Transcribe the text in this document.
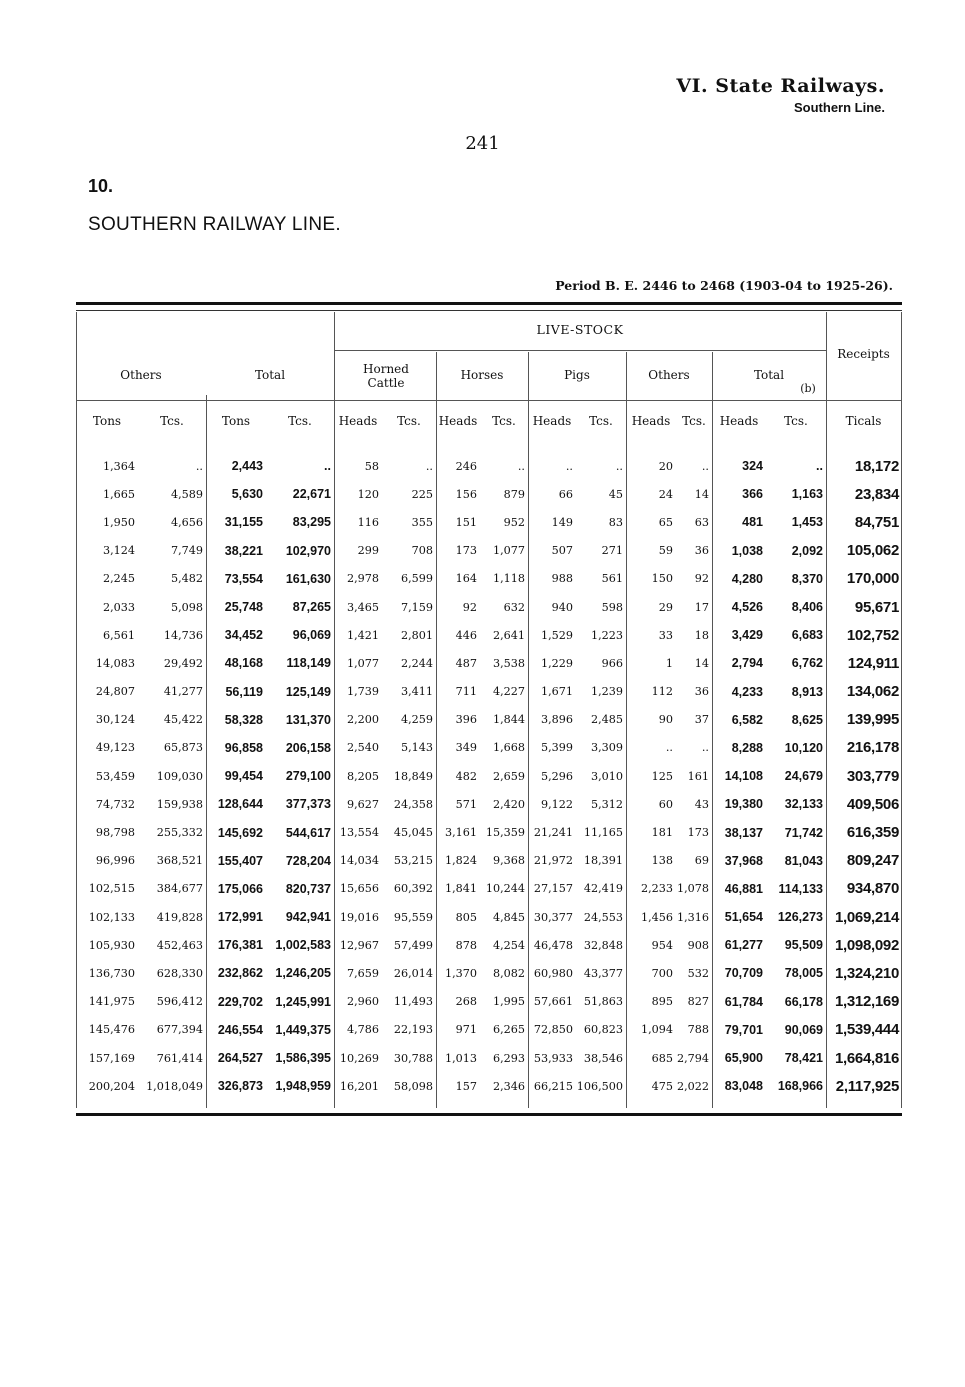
VI. State Railways.
Southern Line.
241
10.
SOUTHERN RAILWAY LINE.
Period B. E. 2446 to 2468 (1903-04 to 1925-26).
LIVE-STOCK
Others	Total	Horned Cattle
Horses	Pigs	Others	Total
(b)
Receipts
Tons	Tcs.	Tons	Tcs.	Heads	Tcs.	Heads	Tcs.	Heads	Tcs.	Heads Tcs.	Heads	Tcs.	Ticals
1,364	..	2,443	..	58	..	246	..	..	..	20	..	324	..	18,172
1,665	4,589	5,630	22,671	120	225	156	879	66	45	24	14	366	1,163	23,834
1,950	4,656	31,155	83,295	116	355	151	952	149	83	65	63	481	1,453	84,751
3,124	7,749	38,221	102,970	299	708	173	1,077	507	271	59	36	1,038	2,092	105,062
2,245	5,482	73,554	161,630	2,978	6,599	164	1,118	988	561	150	92	4,280	8,370	170,000
2,033	5,098	25,748	87,265	3,465	7,159	92	632	940	598	29	17	4,526	8,406	95,671
6,561	14,736	34,452	96,069	1,421	2,801	446	2,641	1,529	1,223	33	18	3,429	6,683	102,752
14,083	29,492	48,168	118,149	1,077	2,244	487	3,538	1,229	966	1	14	2,794	6,762	124,911
24,807	41,277	56,119	125,149	1,739	3,411	711	4,227	1,671	1,239	112	36	4,233	8,913	134,062
30,124	45,422	58,328	131,370	2,200	4,259	396	1,844	3,896	2,485	90	37	6,582	8,625	139,995
49,123	65,873	96,858	206,158	2,540	5,143	349	1,668	5,399	3,309	..	..	8,288	10,120	216,178
53,459	109,030	99,454	279,100	8,205	18,849	482	2,659	5,296	3,010	125	161	14,108	24,679	303,779
74,732	159,938	128,644	377,373	9,627	24,358	571	2,420	9,122	5,312	60	43	19,380	32,133	409,506
98,798	255,332	145,692	544,617	13,554	45,045	3,161	15,359	21,241	11,165	181	173	38,137	71,742	616,359
96,996	368,521	155,407	728,204	14,034	53,215	1,824	9,368	21,972	18,391	138	69	37,968	81,043	809,247
102,515	384,677	175,066	820,737	15,656	60,392	1,841	10,244	27,157	42,419	2,233	1,078	46,881	114,133	934,870
102,133	419,828	172,991	942,941	19,016	95,559	805	4,845	30,377	24,553	1,456	1,316	51,654	126,273	1,069,214
105,930	452,463	176,381	1,002,583	12,967	57,499	878	4,254	46,478	32,848	954	908	61,277	95,509	1,098,092
136,730	628,330	232,862	1,246,205	7,659	26,014	1,370	8,082	60,980	43,377	700	532	70,709	78,005	1,324,210
141,975	596,412	229,702	1,245,991	2,960	11,493	268	1,995	57,661	51,863	895	827	61,784	66,178	1,312,169
145,476	677,394	246,554	1,449,375	4,786	22,193	971	6,265	72,850	60,823	1,094	788	79,701	90,069	1,539,444
157,169	761,414	264,527	1,586,395	10,269	30,788	1,013	6,293	53,933	38,546	685	2,794	65,900	78,421	1,664,816
200,204	1,018,049	326,873	1,948,959	16,201	58,098	157	2,346	66,215	106,500	475	2,022	83,048	168,966	2,117,925
